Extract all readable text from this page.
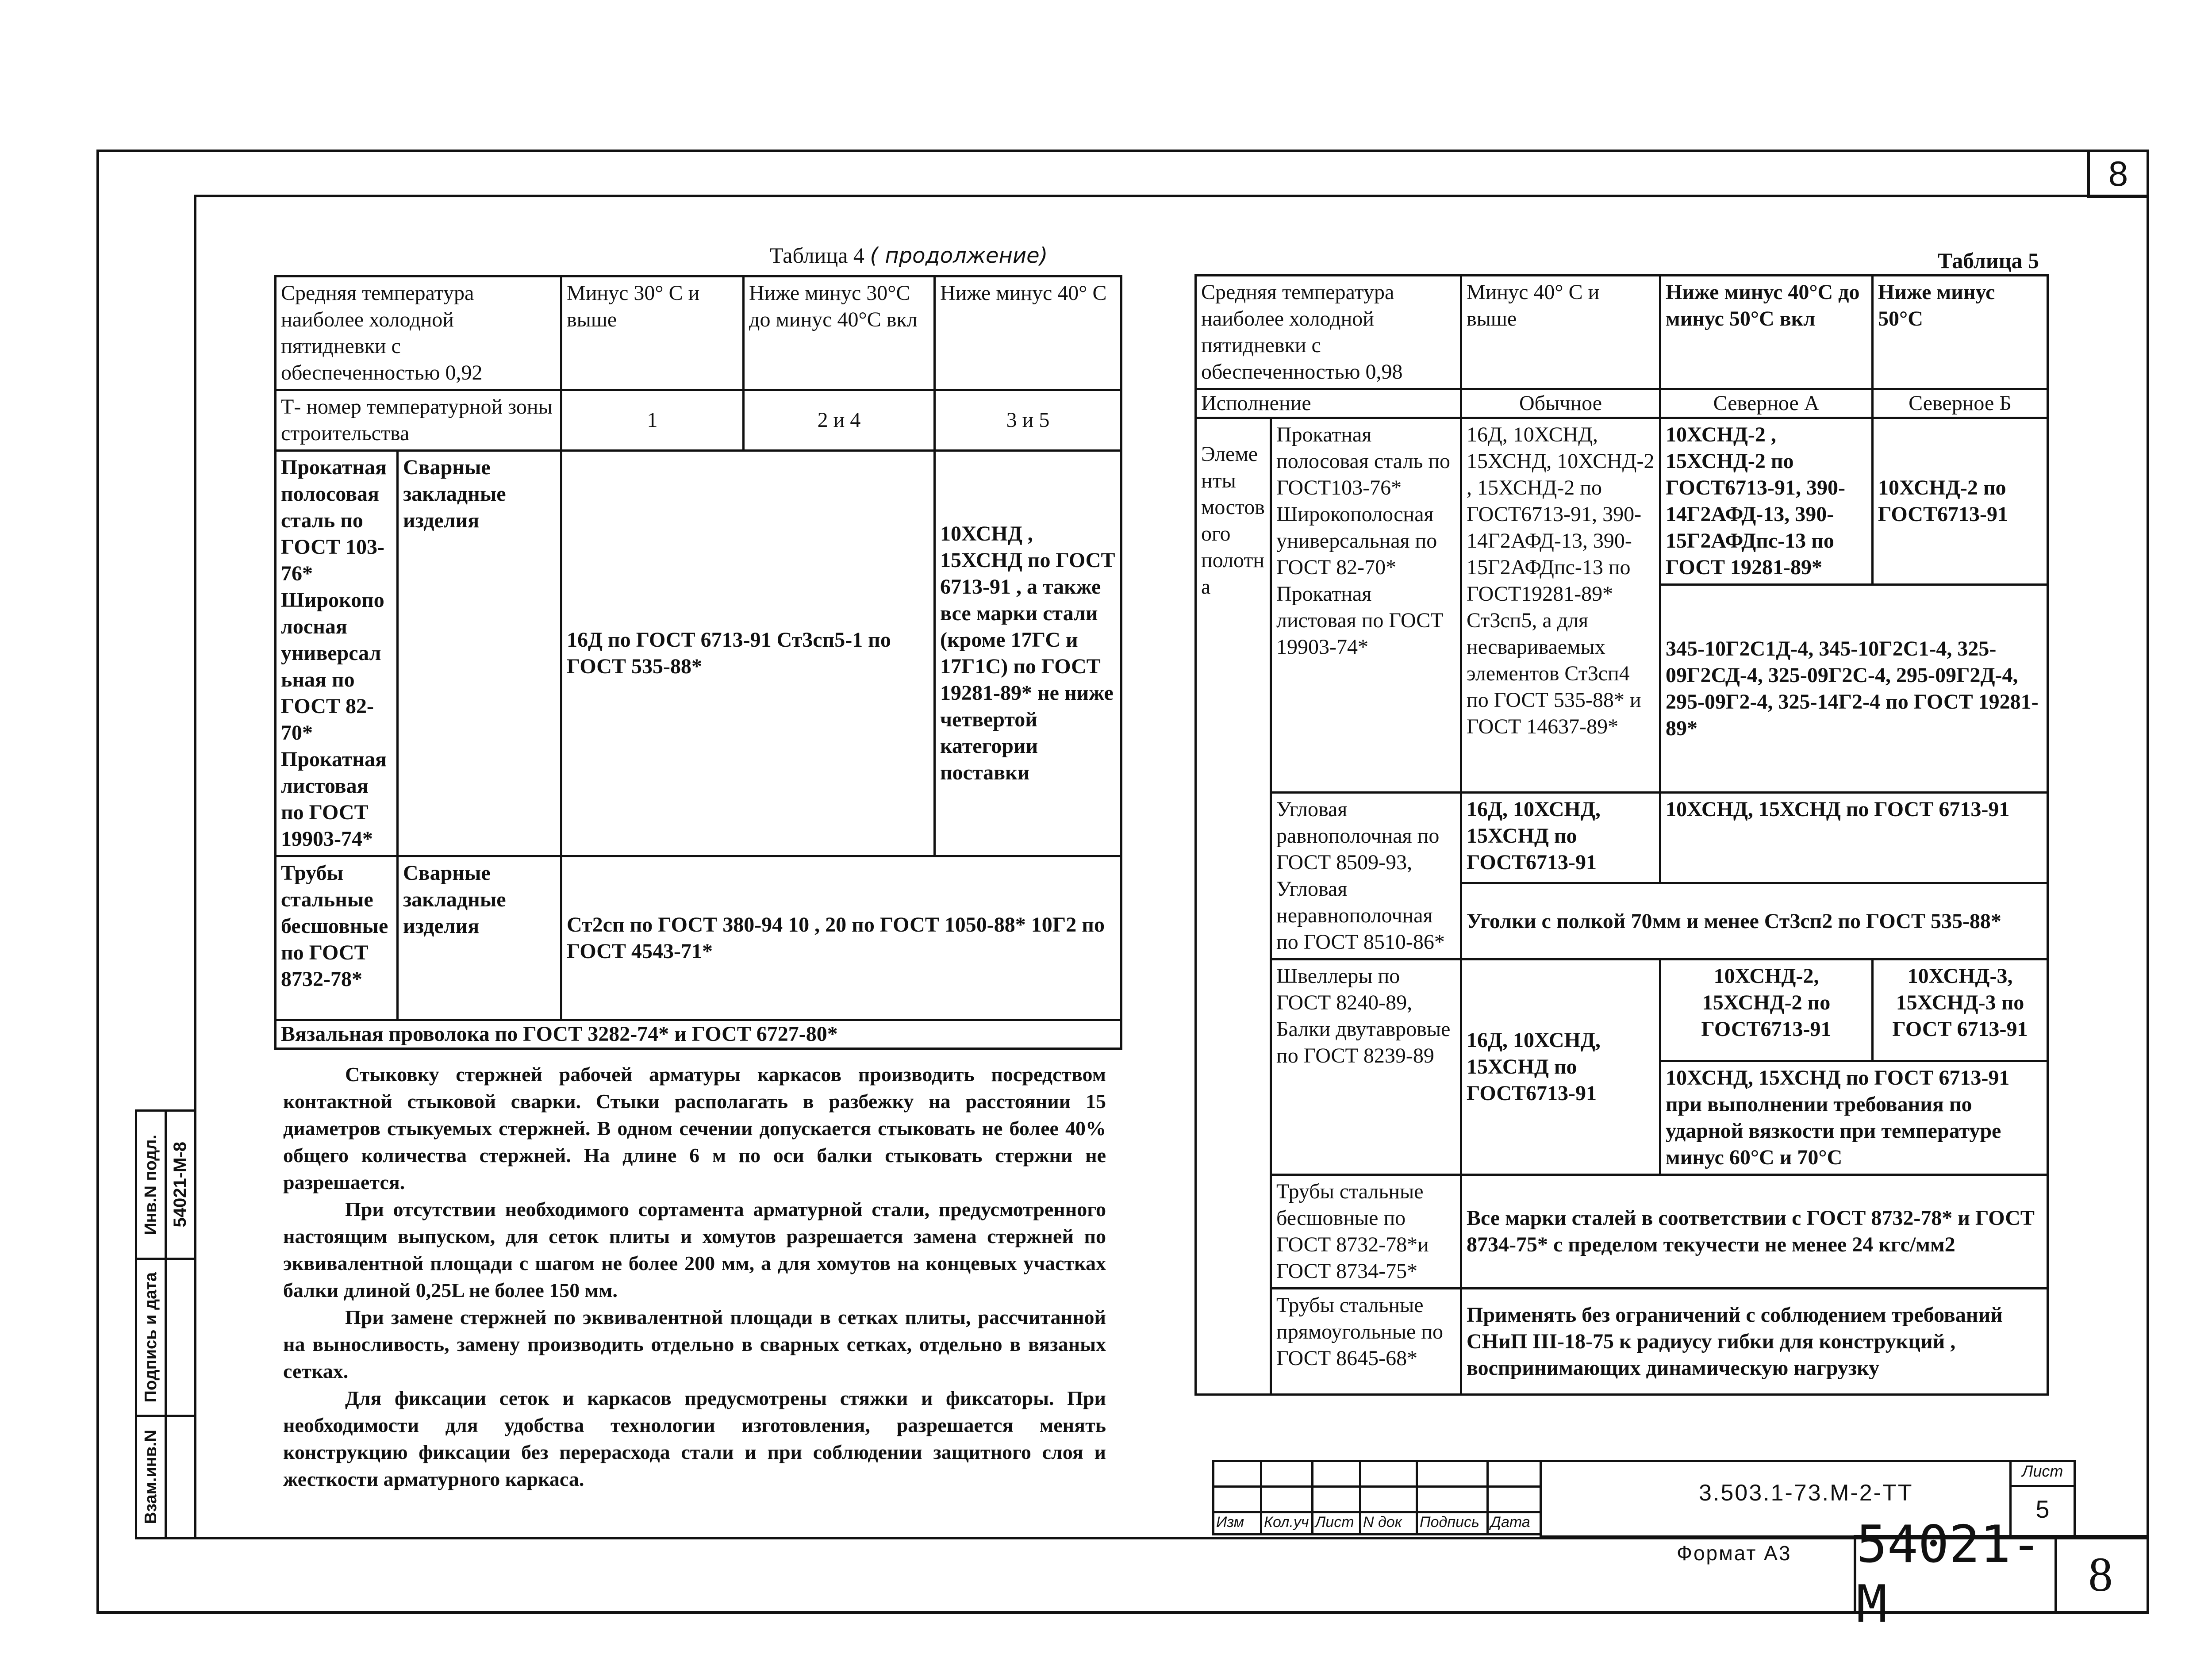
8
Таблица 4 ( продолжение)
Средняя температура наиболее холодной пятидневки с обеспеченностью 0,92		Минус 30° С и выше	Ниже минус 30°С до минус 40°С вкл	Ниже минус 40° С
Т- номер температурной зоны строительства		1	2 и 4	3 и 5
Прокатная полосовая сталь по ГОСТ 103-76* Широкополосная универсальная по ГОСТ 82-70* Прокатная листовая по ГОСТ 19903-74*	Сварные закладные изделия	16Д по ГОСТ 6713-91 Ст3сп5-1 по ГОСТ 535-88*		10ХСНД , 15ХСНД по ГОСТ 6713-91 , а также все марки стали (кроме 17ГС и 17Г1С) по ГОСТ 19281-89* не ниже четвертой категории поставки
Трубы стальные бесшовные по ГОСТ 8732-78*	Сварные закладные изделия	Ст2сп по ГОСТ 380-94 10 , 20 по ГОСТ 1050-88* 10Г2 по ГОСТ 4543-71*		
Вязальная проволока по ГОСТ 3282-74* и ГОСТ 6727-80*				

Стыковку стержней рабочей арматуры каркасов производить посредством контактной стыковой сварки. Стыки располагать в разбежку на расстоянии 15 диаметров стыкуемых стержней. В одном сечении допускается стыковать не более 40% общего количества стержней. На длине 6 м по оси балки стыковать стержни не разрешается.

При отсутствии необходимого сортамента арматурной стали, предусмотренного настоящим выпуском, для сеток плиты и хомутов разрешается замена стержней по эквивалентной площади с шагом не более 200 мм, а для хомутов на концевых участках балки длиной 0,25L не более 150 мм.

При замене стержней по эквивалентной площади в сетках плиты, рассчитанной на выносливость, замену производить отдельно в сварных сетках, отдельно в вязаных сетках.

Для фиксации сеток и каркасов предусмотрены стяжки и фиксаторы. При необходимости для удобства технологии изготовления, разрешается менять конструкцию фиксации без перерасхода стали и при соблюдении защитного слоя и жесткости арматурного каркаса.

Таблица 5
Средняя температура наиболее холодной пятидневки с обеспеченностью 0,98		Минус 40° С и выше	Ниже минус 40°С до минус 50°С вкл	Ниже минус 50°С
Исполнение		Обычное	Северное А	Северное Б
Элементы мостового полотна	Прокатная полосовая сталь по ГОСТ103-76* Широкополосная универсальная по ГОСТ 82-70* Прокатная листовая по ГОСТ 19903-74*	16Д, 10ХСНД, 15ХСНД, 10ХСНД-2 , 15ХСНД-2 по ГОСТ6713-91, 390-14Г2АФД-13, 390-15Г2АФДпс-13 по ГОСТ19281-89* Ст3сп5, а для несвариваемых элементов Ст3сп4 по ГОСТ 535-88* и ГОСТ 14637-89*	10ХСНД-2 , 15ХСНД-2 по ГОСТ6713-91, 390-14Г2АФД-13, 390-15Г2АФДпс-13 по ГОСТ 19281-89*	10ХСНД-2 по ГОСТ6713-91
			345-10Г2С1Д-4, 345-10Г2С1-4, 325-09Г2СД-4, 325-09Г2С-4, 295-09Г2Д-4, 295-09Г2-4, 325-14Г2-4 по ГОСТ 19281-89*	
	Угловая равнополочная по ГОСТ 8509-93, Угловая неравнополочная по ГОСТ 8510-86*	16Д, 10ХСНД, 15ХСНД по ГОСТ6713-91	10ХСНД, 15ХСНД по ГОСТ 6713-91	
		Уголки с полкой 70мм и менее Ст3сп2 по ГОСТ 535-88*		
	Швеллеры по ГОСТ 8240-89, Балки двутавровые по ГОСТ 8239-89	16Д, 10ХСНД, 15ХСНД по ГОСТ6713-91	10ХСНД-2, 15ХСНД-2 по ГОСТ6713-91	10ХСНД-3, 15ХСНД-3 по ГОСТ 6713-91
			10ХСНД, 15ХСНД по ГОСТ 6713-91 при выполнении требования по ударной вязкости при температуре минус 60°С и 70°С	
	Трубы стальные бесшовные по ГОСТ 8732-78*и ГОСТ 8734-75*	Все марки сталей в соответствии с ГОСТ 8732-78* и ГОСТ 8734-75* с пределом текучести не менее 24 кгс/мм2		
	Трубы стальные прямоугольные по ГОСТ 8645-68*	Применять без ограничений с соблюдением требований СНиП III-18-75 к радиусу гибки для конструкций , воспринимающих динамическую нагрузку		
Инв.N подл.
Подпись и дата
Взам.инв.N
54021-М-8

Изм	Кол.уч	Лист	N док	Подпись	Дата
3.503.1-73.М-2-ТТ
Лист
5
Формат А3 54021-М
8
